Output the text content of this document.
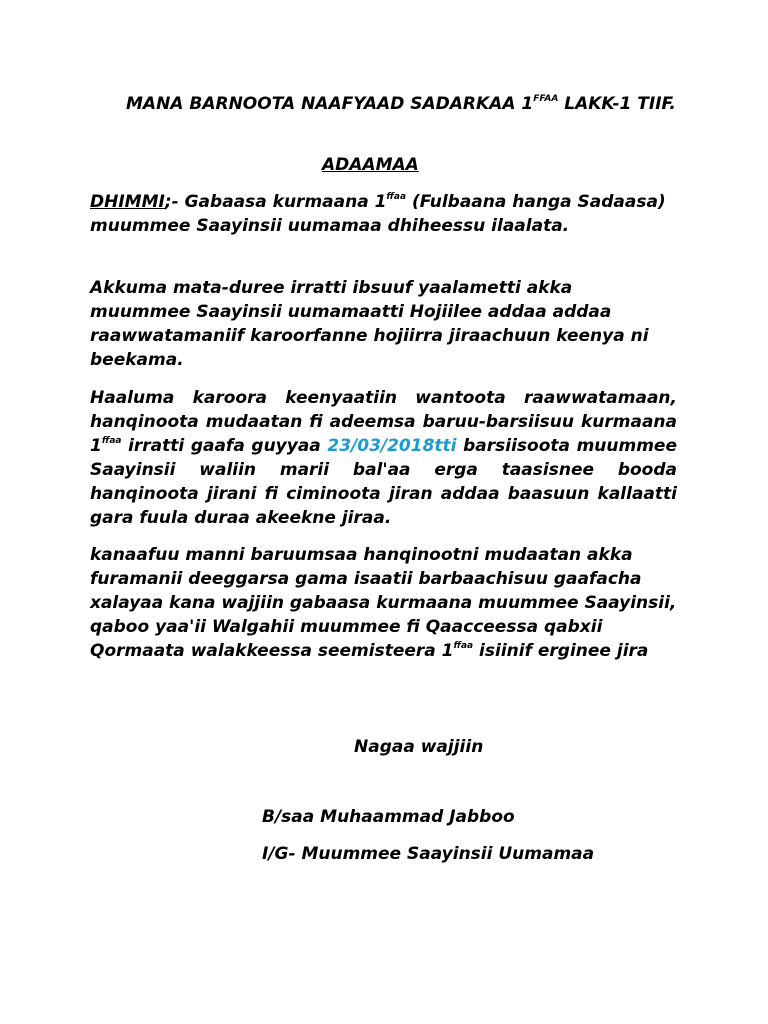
MANA BARNOOTA NAAFYAAD SADARKAA $1^{FFAA}$ LAKK-1 TIIF.

ADAAMAA

DHIMMI;- Gabaasa kurmaana $1^{ffaa}$ (Fulbaana hanga Sadaasa) muummee Saayinsii uumamaa dhiheessu ilaalata.

Akkuma mata-duree irratti ibsuuf yaalametti akka muummee Saayinsii uumamaatti Hojiilee addaa addaa raawwatamaniif karoorfanne hojiirra jiraachuun keenya ni beekama.

Haaluma karoora keenyaatiin wantoota raawwatamaan, hanqinoota mudaatan fi adeemsa baruu-barsiisuu kurmaana $1^{ffaa}$ irratti gaafa guyyaa 23/03/2018tti barsiisoota muummee Saayinsii waliin marii bal'aa erga taasisnee booda hanqinoota jirani fi ciminoota jiran addaa baasuun kallaatti gara fuula duraa akeekne jiraa.

kanaafuu manni baruumsaa hanqinootni mudaatan akka furamanii deeggarsa gama isaatii barbaachisuu gaafacha xalayaa kana wajjiin gabaasa kurmaana muummee Saayinsii, qaboo yaa'ii Walgahii muummee fi Qaacceessa qabxii Qormaata walakkeessa seemisteera $1^{ffaa}$ isiinif erginee jira

Nagaa wajjiin

B/saa Muhaammad Jabboo

I/G- Muummee Saayinsii Uumamaa
